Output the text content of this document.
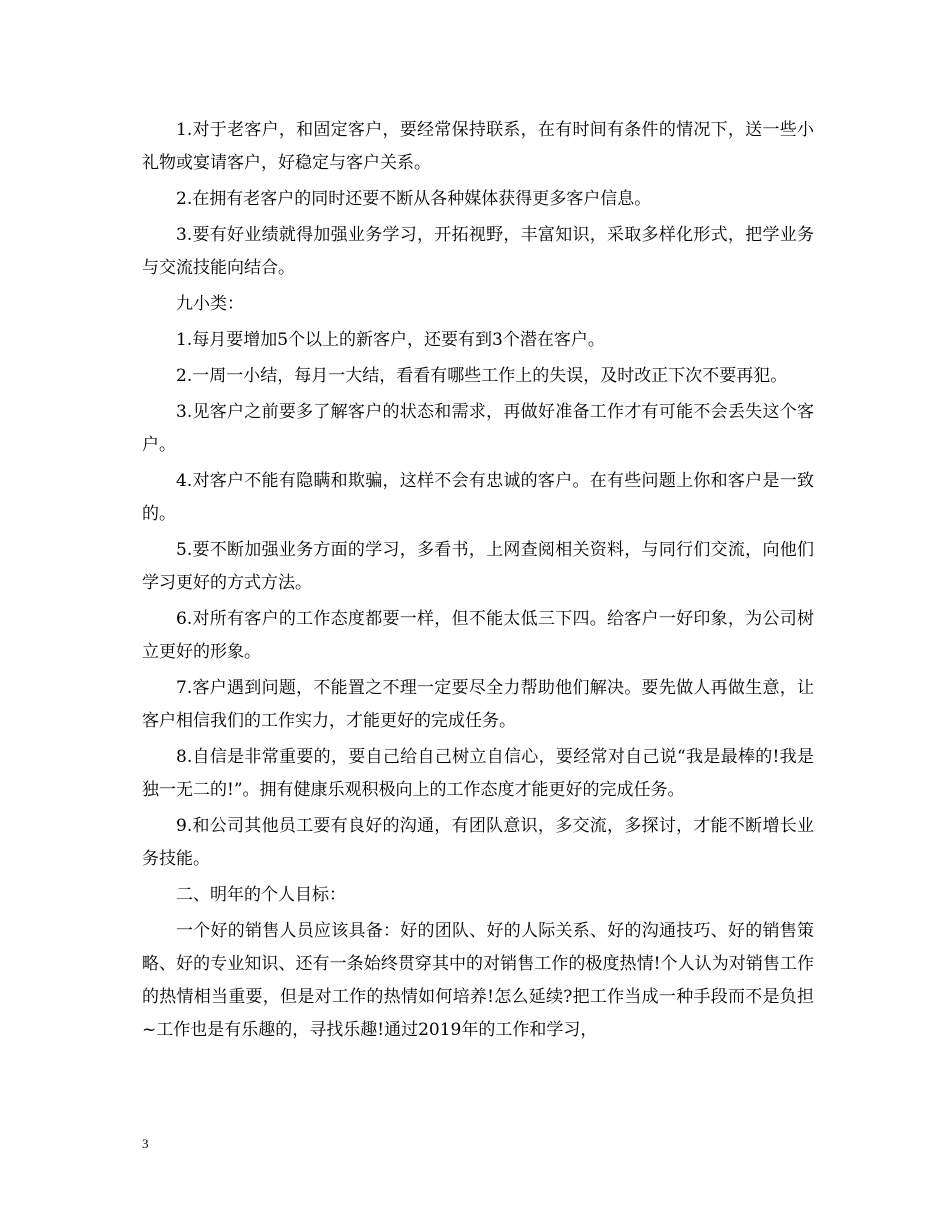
1.对于老客户，和固定客户，要经常保持联系，在有时间有条件的情况下，送一些小礼物或宴请客户，好稳定与客户关系。

2.在拥有老客户的同时还要不断从各种媒体获得更多客户信息。

3.要有好业绩就得加强业务学习，开拓视野，丰富知识，采取多样化形式，把学业务与交流技能向结合。

九小类：

1.每月要增加5个以上的新客户，还要有到3个潜在客户。

2.一周一小结，每月一大结，看看有哪些工作上的失误，及时改正下次不要再犯。

3.见客户之前要多了解客户的状态和需求，再做好准备工作才有可能不会丢失这个客户。

4.对客户不能有隐瞒和欺骗，这样不会有忠诚的客户。在有些问题上你和客户是一致的。

5.要不断加强业务方面的学习，多看书，上网查阅相关资料，与同行们交流，向他们学习更好的方式方法。

6.对所有客户的工作态度都要一样，但不能太低三下四。给客户一好印象，为公司树立更好的形象。

7.客户遇到问题，不能置之不理一定要尽全力帮助他们解决。要先做人再做生意，让客户相信我们的工作实力，才能更好的完成任务。

8.自信是非常重要的，要自己给自己树立自信心，要经常对自己说“我是最棒的!我是独一无二的!”。拥有健康乐观积极向上的工作态度才能更好的完成任务。

9.和公司其他员工要有良好的沟通，有团队意识，多交流，多探讨，才能不断增长业务技能。

二、明年的个人目标：

一个好的销售人员应该具备：好的团队、好的人际关系、好的沟通技巧、好的销售策略、好的专业知识、还有一条始终贯穿其中的对销售工作的极度热情!个人认为对销售工作的热情相当重要，但是对工作的热情如何培养!怎么延续?把工作当成一种手段而不是负担~工作也是有乐趣的，寻找乐趣!通过2019年的工作和学习，

3
